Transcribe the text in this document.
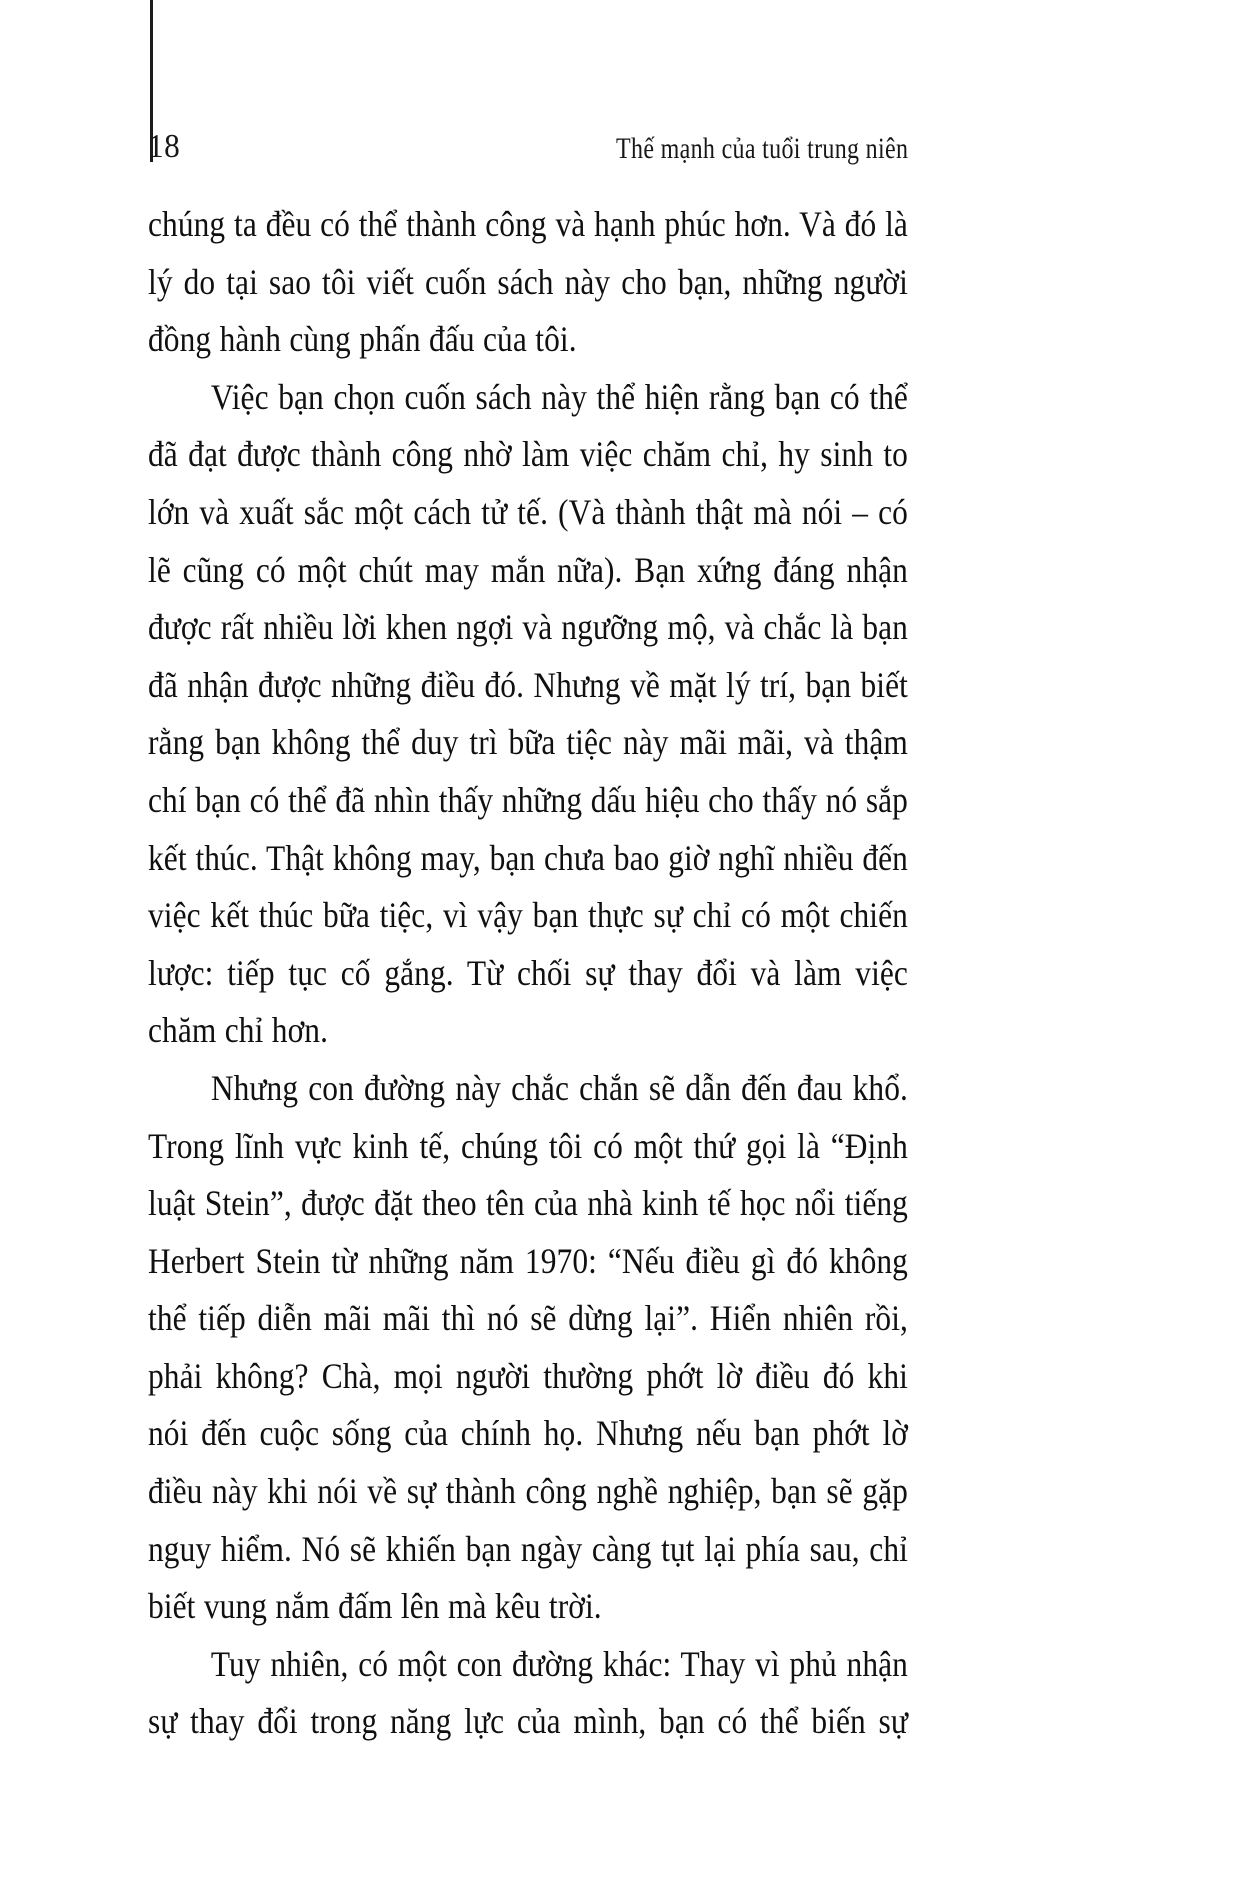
18	Thế mạnh của tuổi trung niên

chúng ta đều có thể thành công và hạnh phúc hơn. Và đó là lý do tại sao tôi viết cuốn sách này cho bạn, những người đồng hành cùng phấn đấu của tôi.

Việc bạn chọn cuốn sách này thể hiện rằng bạn có thể đã đạt được thành công nhờ làm việc chăm chỉ, hy sinh to lớn và xuất sắc một cách tử tế. (Và thành thật mà nói – có lẽ cũng có một chút may mắn nữa). Bạn xứng đáng nhận được rất nhiều lời khen ngợi và ngưỡng mộ, và chắc là bạn đã nhận được những điều đó. Nhưng về mặt lý trí, bạn biết rằng bạn không thể duy trì bữa tiệc này mãi mãi, và thậm chí bạn có thể đã nhìn thấy những dấu hiệu cho thấy nó sắp kết thúc. Thật không may, bạn chưa bao giờ nghĩ nhiều đến việc kết thúc bữa tiệc, vì vậy bạn thực sự chỉ có một chiến lược: tiếp tục cố gắng. Từ chối sự thay đổi và làm việc chăm chỉ hơn.

Nhưng con đường này chắc chắn sẽ dẫn đến đau khổ. Trong lĩnh vực kinh tế, chúng tôi có một thứ gọi là “Định luật Stein”, được đặt theo tên của nhà kinh tế học nổi tiếng Herbert Stein từ những năm 1970: “Nếu điều gì đó không thể tiếp diễn mãi mãi thì nó sẽ dừng lại”. Hiển nhiên rồi, phải không? Chà, mọi người thường phớt lờ điều đó khi nói đến cuộc sống của chính họ. Nhưng nếu bạn phớt lờ điều này khi nói về sự thành công nghề nghiệp, bạn sẽ gặp nguy hiểm. Nó sẽ khiến bạn ngày càng tụt lại phía sau, chỉ biết vung nắm đấm lên mà kêu trời.

Tuy nhiên, có một con đường khác: Thay vì phủ nhận sự thay đổi trong năng lực của mình, bạn có thể biến sự
